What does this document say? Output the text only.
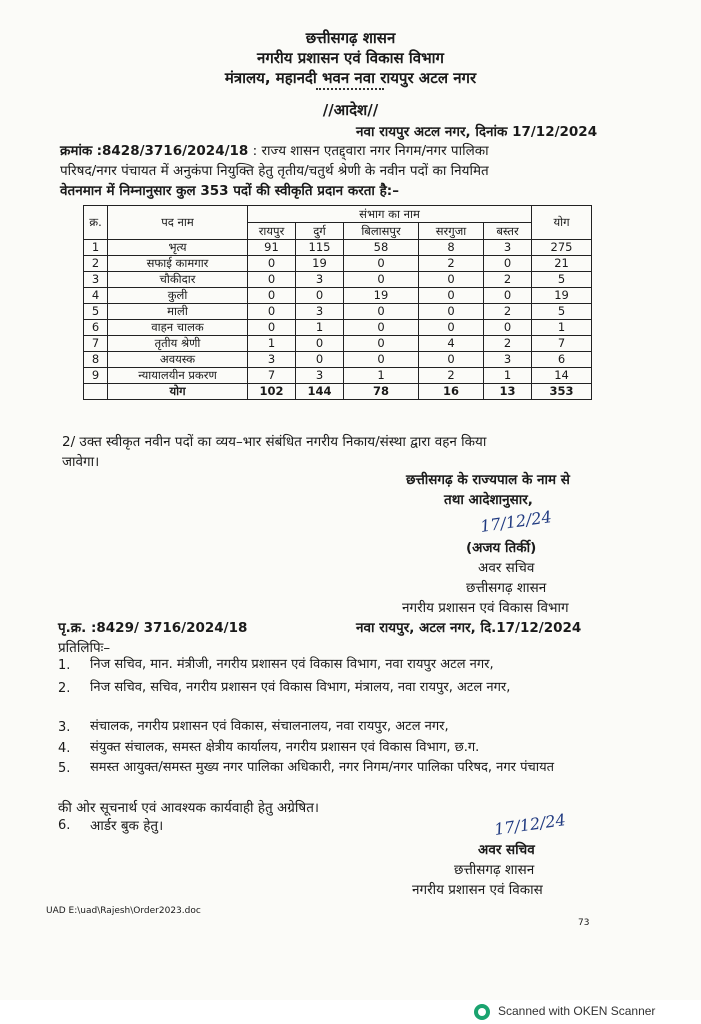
छत्तीसगढ़ शासन
नगरीय प्रशासन एवं विकास विभाग
मंत्रालय, महानदी भवन नवा रायपुर अटल नगर
//आदेश//
नवा रायपुर अटल नगर, दिनांक 17/12/2024
क्रमांक :8428/3716/2024/18 : राज्य शासन एतद्द्वारा नगर निगम/नगर पालिका
परिषद/नगर पंचायत में अनुकंपा नियुक्ति हेतु तृतीय/चतुर्थ श्रेणी के नवीन पदों का नियमित
वेतनमान में निम्नानुसार कुल 353 पदों की स्वीकृति प्रदान करता है:–
क्र.	पद नाम	संभाग का नाम					योग
		रायपुर	दुर्ग	बिलासपुर	सरगुजा	बस्तर	
1	भृत्य	91	115	58	8	3	275
2	सफाई कामगार	0	19	0	2	0	21
3	चौकीदार	0	3	0	0	2	5
4	कुली	0	0	19	0	0	19
5	माली	0	3	0	0	2	5
6	वाहन चालक	0	1	0	0	0	1
7	तृतीय श्रेणी	1	0	0	4	2	7
8	अवयस्क	3	0	0	0	3	6
9	न्यायालयीन प्रकरण	7	3	1	2	1	14
	योग	102	144	78	16	13	353
2/ उक्त स्वीकृत नवीन पदों का व्यय–भार संबंधित नगरीय निकाय/संस्था द्वारा वहन किया
जावेगा।
छत्तीसगढ़ के राज्यपाल के नाम से
तथा आदेशानुसार,
17/12/24
(अजय तिर्की)
अवर सचिव
छत्तीसगढ़ शासन
नगरीय प्रशासन एवं विकास विभाग
पृ.क्र. :8429/ 3716/2024/18	नवा रायपुर, अटल नगर, दि.17/12/2024
प्रतिलिपिः–
1. निज सचिव, मान. मंत्रीजी, नगरीय प्रशासन एवं विकास विभाग, नवा रायपुर अटल नगर,
2. निज सचिव, सचिव, नगरीय प्रशासन एवं विकास विभाग, मंत्रालय, नवा रायपुर, अटल नगर,
3. संचालक, नगरीय प्रशासन एवं विकास, संचालनालय, नवा रायपुर, अटल नगर,
4. संयुक्त संचालक, समस्त क्षेत्रीय कार्यालय, नगरीय प्रशासन एवं विकास विभाग, छ.ग.
5. समस्त आयुक्त/समस्त मुख्य नगर पालिका अधिकारी, नगर निगम/नगर पालिका परिषद, नगर पंचायत
की ओर सूचनार्थ एवं आवश्यक कार्यवाही हेतु अग्रेषित।
6. आर्डर बुक हेतु।	17/12/24
अवर सचिव
छत्तीसगढ़ शासन
नगरीय प्रशासन एवं विकास
UAD E:\uad\Rajesh\Order2023.doc
73
Scanned with OKEN Scanner
